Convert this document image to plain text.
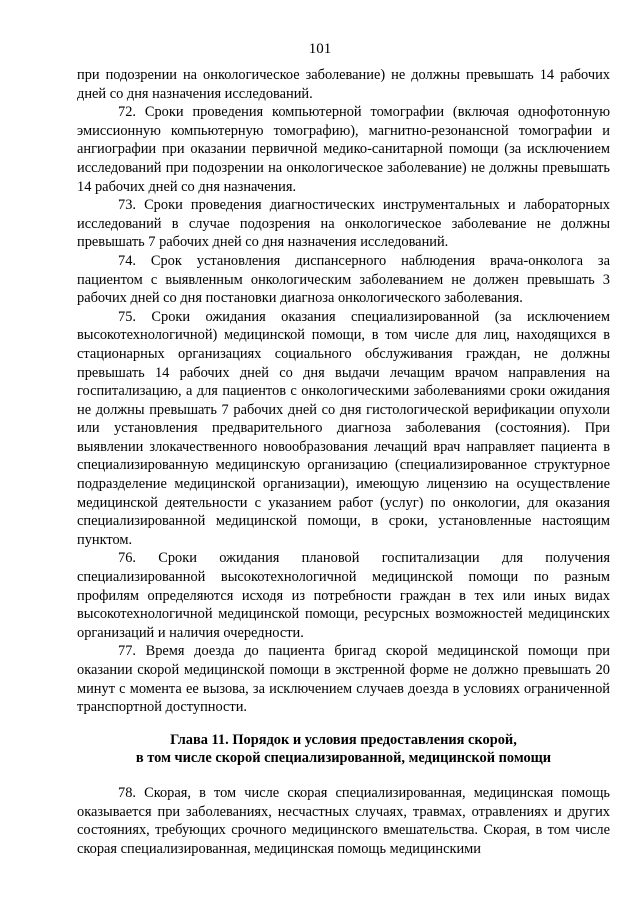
101

при подозрении на онкологическое заболевание) не должны превышать 14 рабочих дней со дня назначения исследований.

72. Сроки проведения компьютерной томографии (включая однофотонную эмиссионную компьютерную томографию), магнитно-резонансной томографии и ангиографии при оказании первичной медико-санитарной помощи (за исключением исследований при подозрении на онкологическое заболевание) не должны превышать 14 рабочих дней со дня назначения.

73. Сроки проведения диагностических инструментальных и лабораторных исследований в случае подозрения на онкологическое заболевание не должны превышать 7 рабочих дней со дня назначения исследований.

74. Срок установления диспансерного наблюдения врача-онколога за пациентом с выявленным онкологическим заболеванием не должен превышать 3 рабочих дней со дня постановки диагноза онкологического заболевания.

75. Сроки ожидания оказания специализированной (за исключением высокотехнологичной) медицинской помощи, в том числе для лиц, находящихся в стационарных организациях социального обслуживания граждан, не должны превышать 14 рабочих дней со дня выдачи лечащим врачом направления на госпитализацию, а для пациентов с онкологическими заболеваниями сроки ожидания не должны превышать 7 рабочих дней со дня гистологической верификации опухоли или установления предварительного диагноза заболевания (состояния). При выявлении злокачественного новообразования лечащий врач направляет пациента в специализированную медицинскую организацию (специализированное структурное подразделение медицинской организации), имеющую лицензию на осуществление медицинской деятельности с указанием работ (услуг) по онкологии, для оказания специализированной медицинской помощи, в сроки, установленные настоящим пунктом.

76. Сроки ожидания плановой госпитализации для получения специализированной высокотехнологичной медицинской помощи по разным профилям определяются исходя из потребности граждан в тех или иных видах высокотехнологичной медицинской помощи, ресурсных возможностей медицинских организаций и наличия очередности.

77. Время доезда до пациента бригад скорой медицинской помощи при оказании скорой медицинской помощи в экстренной форме не должно превышать 20 минут с момента ее вызова, за исключением случаев доезда в условиях ограниченной транспортной доступности.

Глава 11. Порядок и условия предоставления скорой,
в том числе скорой специализированной, медицинской помощи

78. Скорая, в том числе скорая специализированная, медицинская помощь оказывается при заболеваниях, несчастных случаях, травмах, отравлениях и других состояниях, требующих срочного медицинского вмешательства. Скорая, в том числе скорая специализированная, медицинская помощь медицинскими
